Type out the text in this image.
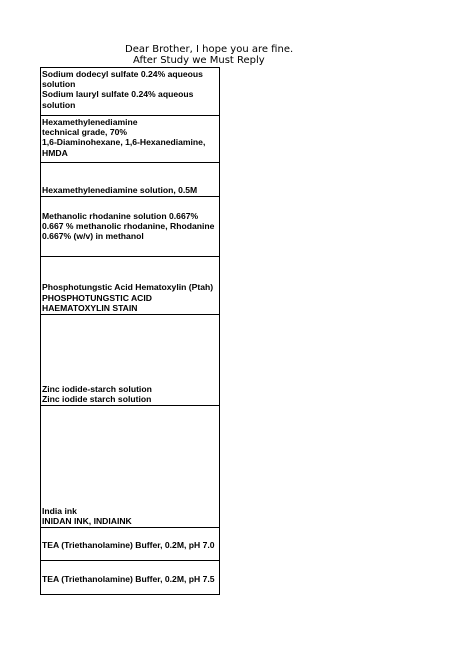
Dear Brother, I hope you are fine.
After Study we Must Reply
Sodium dodecyl sulfate 0.24% aqueous
solution
Sodium lauryl sulfate 0.24% aqueous
solution
Hexamethylenediamine
technical grade, 70%
1,6-Diaminohexane, 1,6-Hexanediamine,
HMDA
Hexamethylenediamine solution, 0.5M
Methanolic rhodanine solution 0.667%
0.667 % methanolic rhodanine, Rhodanine
0.667% (w/v) in methanol
Phosphotungstic Acid Hematoxylin (Ptah)
PHOSPHOTUNGSTIC ACID
HAEMATOXYLIN STAIN
Zinc iodide-starch solution
Zinc iodide starch solution
India ink
INIDAN INK, INDIAINK
TEA (Triethanolamine) Buffer, 0.2M, pH 7.0
TEA (Triethanolamine) Buffer, 0.2M, pH 7.5
